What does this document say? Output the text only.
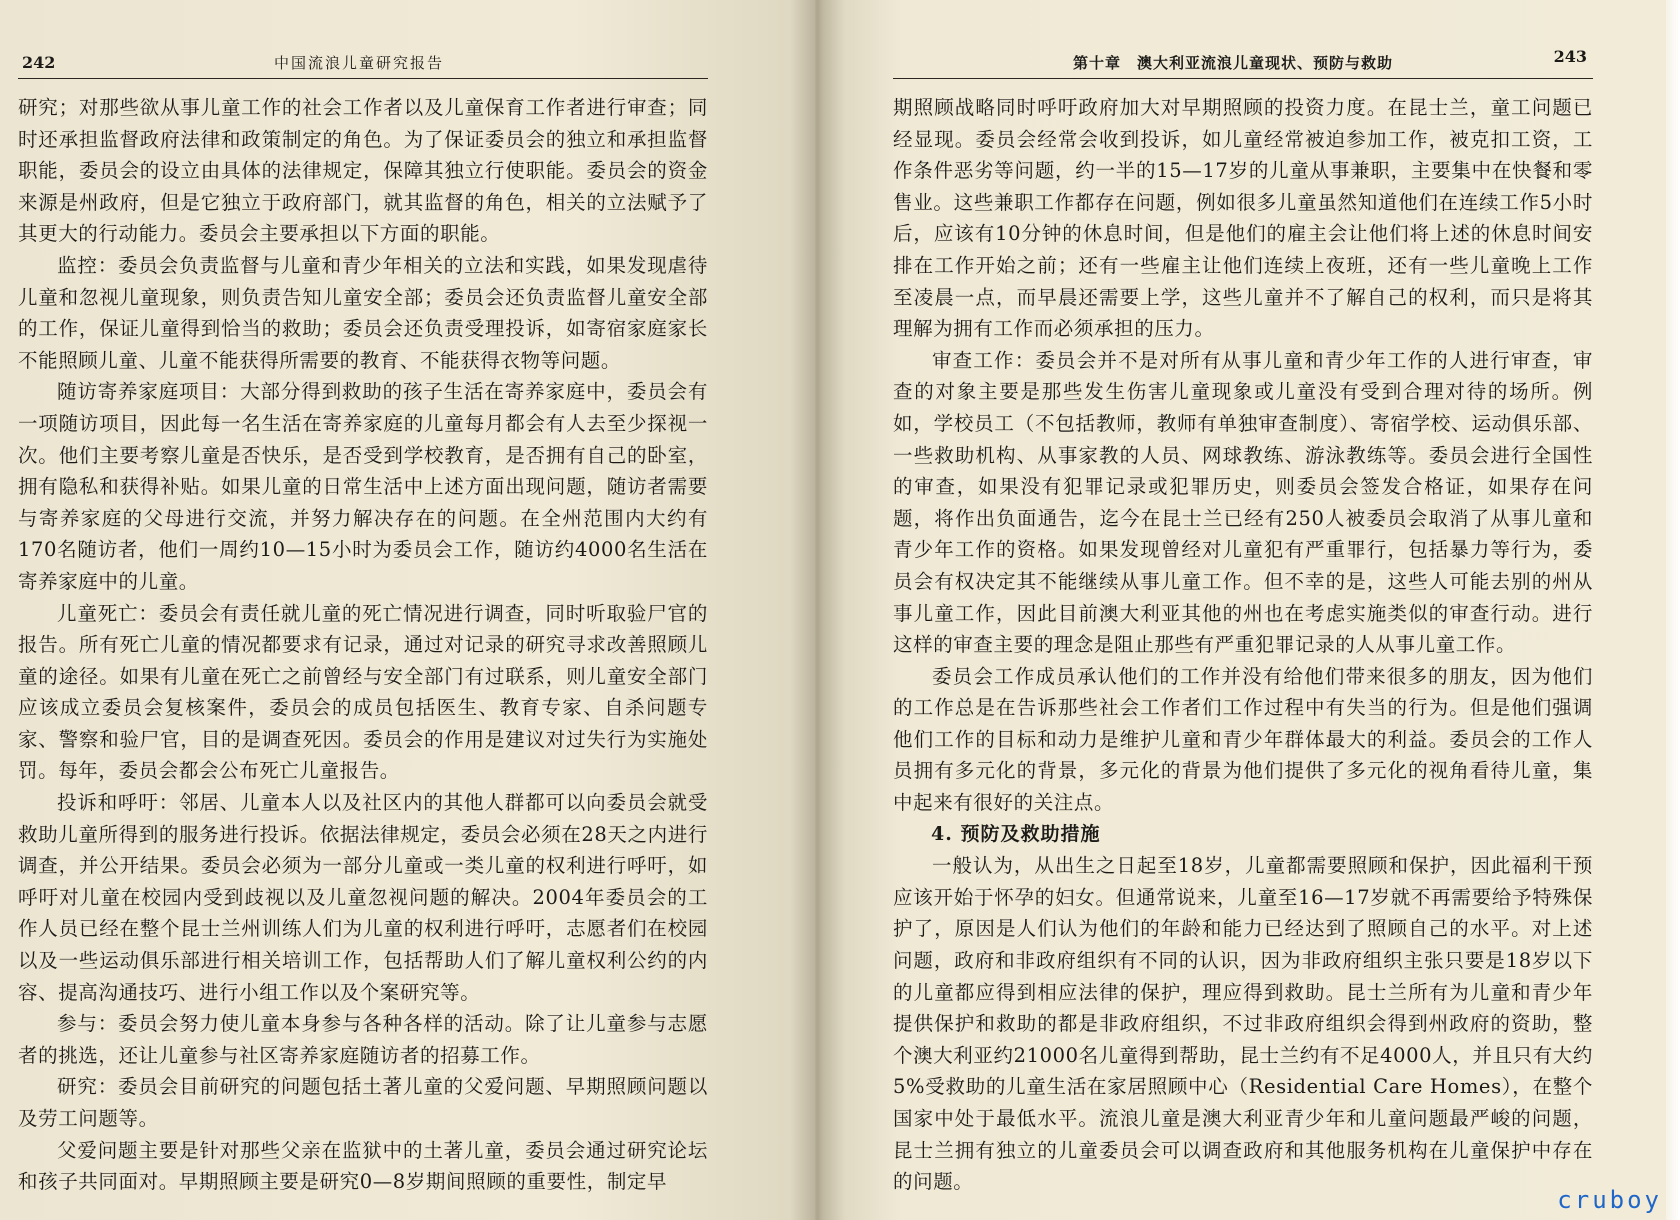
242	中国流浪儿童研究报告

研究；对那些欲从事儿童工作的社会工作者以及儿童保育工作者进行审查；同时还承担监督政府法律和政策制定的角色。为了保证委员会的独立和承担监督职能，委员会的设立由具体的法律规定，保障其独立行使职能。委员会的资金来源是州政府，但是它独立于政府部门，就其监督的角色，相关的立法赋予了其更大的行动能力。委员会主要承担以下方面的职能。

监控：委员会负责监督与儿童和青少年相关的立法和实践，如果发现虐待儿童和忽视儿童现象，则负责告知儿童安全部；委员会还负责监督儿童安全部的工作，保证儿童得到恰当的救助；委员会还负责受理投诉，如寄宿家庭家长不能照顾儿童、儿童不能获得所需要的教育、不能获得衣物等问题。

随访寄养家庭项目：大部分得到救助的孩子生活在寄养家庭中，委员会有一项随访项目，因此每一名生活在寄养家庭的儿童每月都会有人去至少探视一次。他们主要考察儿童是否快乐，是否受到学校教育，是否拥有自己的卧室，拥有隐私和获得补贴。如果儿童的日常生活中上述方面出现问题，随访者需要与寄养家庭的父母进行交流，并努力解决存在的问题。在全州范围内大约有170名随访者，他们一周约10—15小时为委员会工作，随访约4000名生活在寄养家庭中的儿童。

儿童死亡：委员会有责任就儿童的死亡情况进行调查，同时听取验尸官的报告。所有死亡儿童的情况都要求有记录，通过对记录的研究寻求改善照顾儿童的途径。如果有儿童在死亡之前曾经与安全部门有过联系，则儿童安全部门应该成立委员会复核案件，委员会的成员包括医生、教育专家、自杀问题专家、警察和验尸官，目的是调查死因。委员会的作用是建议对过失行为实施处罚。每年，委员会都会公布死亡儿童报告。

投诉和呼吁：邻居、儿童本人以及社区内的其他人群都可以向委员会就受救助儿童所得到的服务进行投诉。依据法律规定，委员会必须在28天之内进行调查，并公开结果。委员会必须为一部分儿童或一类儿童的权利进行呼吁，如呼吁对儿童在校园内受到歧视以及儿童忽视问题的解决。2004年委员会的工作人员已经在整个昆士兰州训练人们为儿童的权利进行呼吁，志愿者们在校园以及一些运动俱乐部进行相关培训工作，包括帮助人们了解儿童权利公约的内容、提高沟通技巧、进行小组工作以及个案研究等。

参与：委员会努力使儿童本身参与各种各样的活动。除了让儿童参与志愿者的挑选，还让儿童参与社区寄养家庭随访者的招募工作。

研究：委员会目前研究的问题包括土著儿童的父爱问题、早期照顾问题以及劳工问题等。

父爱问题主要是针对那些父亲在监狱中的土著儿童，委员会通过研究论坛和孩子共同面对。早期照顾主要是研究0—8岁期间照顾的重要性，制定早

第十章　澳大利亚流浪儿童现状、预防与救助	243

期照顾战略同时呼吁政府加大对早期照顾的投资力度。在昆士兰，童工问题已经显现。委员会经常会收到投诉，如儿童经常被迫参加工作，被克扣工资，工作条件恶劣等问题，约一半的15—17岁的儿童从事兼职，主要集中在快餐和零售业。这些兼职工作都存在问题，例如很多儿童虽然知道他们在连续工作5小时后，应该有10分钟的休息时间，但是他们的雇主会让他们将上述的休息时间安排在工作开始之前；还有一些雇主让他们连续上夜班，还有一些儿童晚上工作至凌晨一点，而早晨还需要上学，这些儿童并不了解自己的权利，而只是将其理解为拥有工作而必须承担的压力。

审查工作：委员会并不是对所有从事儿童和青少年工作的人进行审查，审查的对象主要是那些发生伤害儿童现象或儿童没有受到合理对待的场所。例如，学校员工（不包括教师，教师有单独审查制度）、寄宿学校、运动俱乐部、一些救助机构、从事家教的人员、网球教练、游泳教练等。委员会进行全国性的审查，如果没有犯罪记录或犯罪历史，则委员会签发合格证，如果存在问题，将作出负面通告，迄今在昆士兰已经有250人被委员会取消了从事儿童和青少年工作的资格。如果发现曾经对儿童犯有严重罪行，包括暴力等行为，委员会有权决定其不能继续从事儿童工作。但不幸的是，这些人可能去别的州从事儿童工作，因此目前澳大利亚其他的州也在考虑实施类似的审查行动。进行这样的审查主要的理念是阻止那些有严重犯罪记录的人从事儿童工作。

委员会工作成员承认他们的工作并没有给他们带来很多的朋友，因为他们的工作总是在告诉那些社会工作者们工作过程中有失当的行为。但是他们强调他们工作的目标和动力是维护儿童和青少年群体最大的利益。委员会的工作人员拥有多元化的背景，多元化的背景为他们提供了多元化的视角看待儿童，集中起来有很好的关注点。

4. 预防及救助措施

一般认为，从出生之日起至18岁，儿童都需要照顾和保护，因此福利干预应该开始于怀孕的妇女。但通常说来，儿童至16—17岁就不再需要给予特殊保护了，原因是人们认为他们的年龄和能力已经达到了照顾自己的水平。对上述问题，政府和非政府组织有不同的认识，因为非政府组织主张只要是18岁以下的儿童都应得到相应法律的保护，理应得到救助。昆士兰所有为儿童和青少年提供保护和救助的都是非政府组织，不过非政府组织会得到州政府的资助，整个澳大利亚约21000名儿童得到帮助，昆士兰约有不足4000人，并且只有大约5%受救助的儿童生活在家居照顾中心（Residential Care Homes），在整个国家中处于最低水平。流浪儿童是澳大利亚青少年和儿童问题最严峻的问题，昆士兰拥有独立的儿童委员会可以调查政府和其他服务机构在儿童保护中存在的问题。

cruboy
